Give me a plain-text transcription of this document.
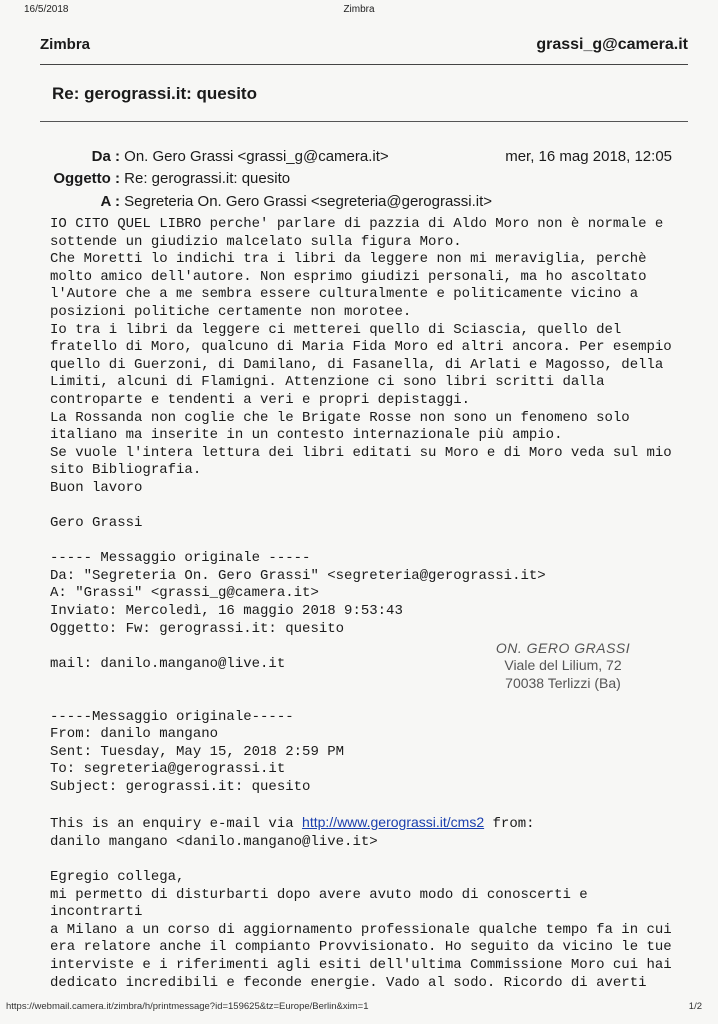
16/5/2018	Zimbra
Zimbra	grassi_g@camera.it
Re: gerograssi.it: quesito
Da : On. Gero Grassi <grassi_g@camera.it>	mer, 16 mag 2018, 12:05
Oggetto : Re: gerograssi.it: quesito
A : Segreteria On. Gero Grassi <segreteria@gerograssi.it>
IO CITO QUEL LIBRO perche' parlare di pazzia di Aldo Moro non è normale e
sottende un giudizio malcelato sulla figura Moro.
Che Moretti lo indichi tra i libri da leggere non mi meraviglia, perchè
molto amico dell'autore. Non esprimo giudizi personali, ma ho ascoltato
l'Autore che a me sembra essere culturalmente e politicamente vicino a
posizioni politiche certamente non morotee.
Io tra i libri da leggere ci metterei quello di Sciascia, quello del
fratello di Moro, qualcuno di Maria Fida Moro ed altri ancora. Per esempio
quello di Guerzoni, di Damilano, di Fasanella, di Arlati e Magosso, della
Limiti, alcuni di Flamigni. Attenzione ci sono libri scritti dalla
controparte e tendenti a veri e propri depistaggi.
La Rossanda non coglie che le Brigate Rosse non sono un fenomeno solo
italiano ma inserite in un contesto internazionale più ampio.
Se vuole l'intera lettura dei libri editati su Moro e di Moro veda sul mio
sito Bibliografia.
Buon lavoro

Gero Grassi

----- Messaggio originale -----
Da: "Segreteria On. Gero Grassi" <segreteria@gerograssi.it>
A: "Grassi" <grassi_g@camera.it>
Inviato: Mercoledì, 16 maggio 2018 9:53:43
Oggetto: Fw: gerograssi.it: quesito

mail: danilo.mangano@live.it

-----Messaggio originale-----
From: danilo mangano
Sent: Tuesday, May 15, 2018 2:59 PM
To: segreteria@gerograssi.it
Subject: gerograssi.it: quesito

This is an enquiry e-mail via http://www.gerograssi.it/cms2 from:
danilo mangano <danilo.mangano@live.it>

Egregio collega,
mi permetto di disturbarti dopo avere avuto modo di conoscerti e
incontrarti
a Milano a un corso di aggiornamento professionale qualche tempo fa in cui
era relatore anche il compianto Provvisionato. Ho seguito da vicino le tue
interviste e i riferimenti agli esiti dell'ultima Commissione Moro cui hai
dedicato incredibili e feconde energie. Vado al sodo. Ricordo di averti
ON. GERO GRASSI
Viale del Lilium, 72
70038 Terlizzi (Ba)
https://webmail.camera.it/zimbra/h/printmessage?id=159625&tz=Europe/Berlin&xim=1	1/2
